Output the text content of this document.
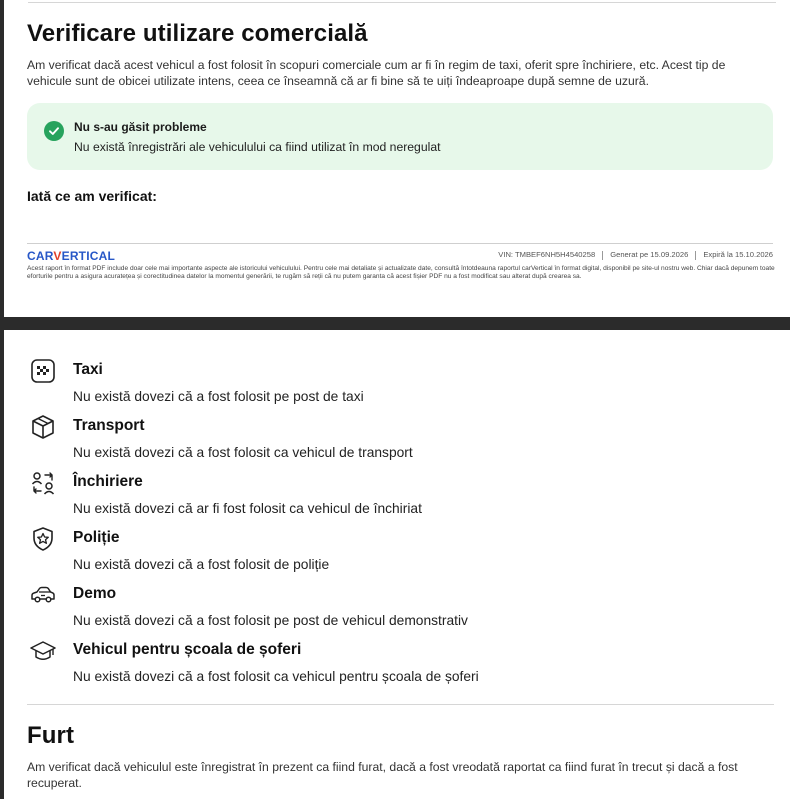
Verificare utilizare comercială
Am verificat dacă acest vehicul a fost folosit în scopuri comerciale cum ar fi în regim de taxi, oferit spre închiriere, etc. Acest tip de vehicule sunt de obicei utilizate intens, ceea ce înseamnă că ar fi bine să te uiți îndeaproape după semne de uzură.
Nu s-au găsit probleme
Nu există înregistrări ale vehiculului ca fiind utilizat în mod neregulat
Iată ce am verificat:
CARVERTICAL	VIN: TMBEF6NH5H4540258 Generat pe 15.09.2026 Expiră la 15.10.2026
Acest raport în format PDF include doar cele mai importante aspecte ale istoricului vehiculului. Pentru cele mai detaliate și actualizate date, consultă întotdeauna raportul carVertical în format digital, disponibil pe site-ul nostru web. Chiar dacă depunem toate eforturile pentru a asigura acuratețea și corectitudinea datelor la momentul generării, te rugăm să reții că nu putem garanta că acest fișier PDF nu a fost modificat sau alterat după crearea sa.
Taxi
Nu există dovezi că a fost folosit pe post de taxi
Transport
Nu există dovezi că a fost folosit ca vehicul de transport
Închiriere
Nu există dovezi că ar fi fost folosit ca vehicul de închiriat
Poliție
Nu există dovezi că a fost folosit de poliție
Demo
Nu există dovezi că a fost folosit pe post de vehicul demonstrativ
Vehicul pentru școala de șoferi
Nu există dovezi că a fost folosit ca vehicul pentru școala de șoferi
Furt
Am verificat dacă vehiculul este înregistrat în prezent ca fiind furat, dacă a fost vreodată raportat ca fiind furat în trecut și dacă a fost recuperat.
